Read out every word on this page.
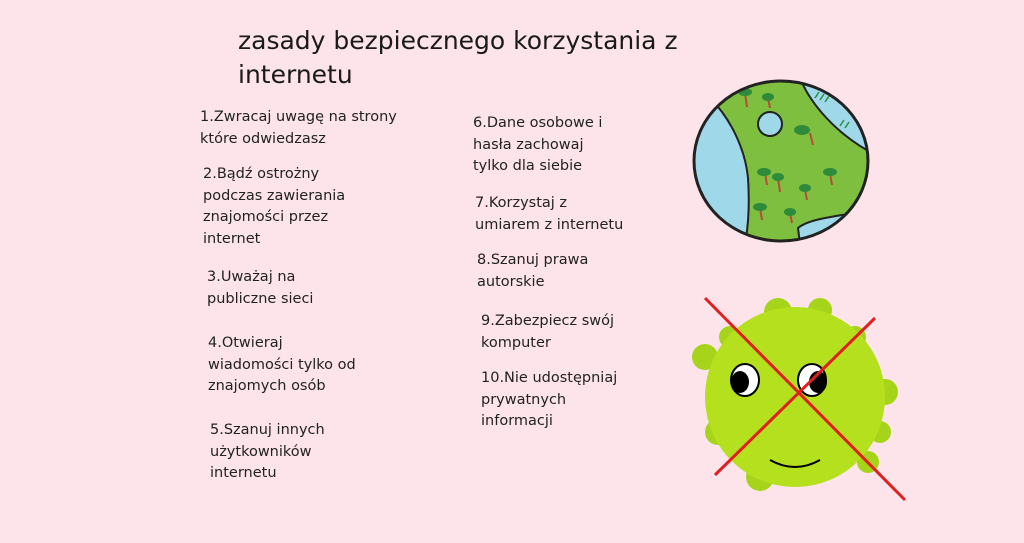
zasady bezpiecznego korzystania z internetu
1.Zwracaj uwagę na strony
które odwiedzasz
2.Bądź ostrożny
podczas zawierania
znajomości przez
internet
3.Uważaj na
publiczne sieci
4.Otwieraj
wiadomości tylko od
znajomych osób
5.Szanuj innych
użytkowników
internetu
6.Dane osobowe i
hasła zachowaj
tylko dla siebie
7.Korzystaj z
umiarem z internetu
8.Szanuj prawa
autorskie
9.Zabezpiecz swój
komputer
10.Nie udostępniaj
prywatnych
informacji
